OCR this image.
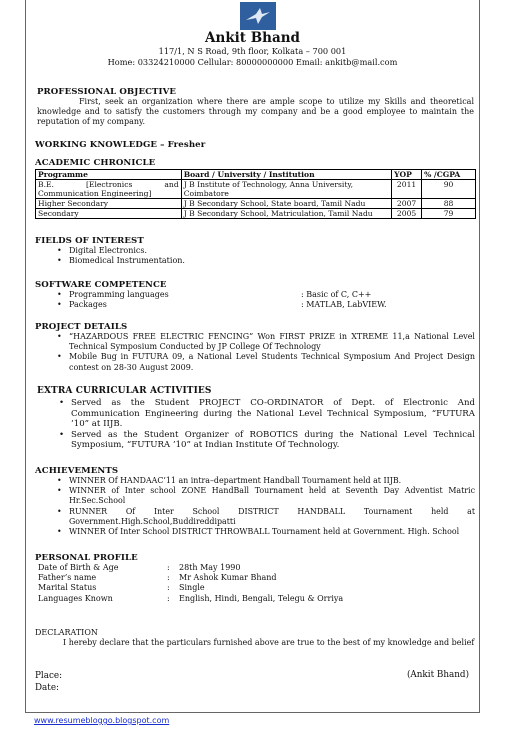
Ankit Bhand
117/1, N S Road, 9th floor, Kolkata – 700 001
Home: 03324210000 Cellular: 80000000000 Email: ankitb@mail.com
PROFESSIONAL OBJECTIVE
First, seek an organization where there are ample scope to utilize my Skills and theoretical knowledge and to satisfy the customers through my company and be a good employee to maintain the reputation of my company.
WORKING KNOWLEDGE – Fresher
ACADEMIC CHRONICLE
Programme	Board / University / Institution	YOP	% /CGPA
B.E. [Electronics and Communication Engineering]	J B Institute of Technology, Anna University, Coimbatore	2011	90
Higher Secondary	J B Secondary School, State board, Tamil Nadu	2007	88
Secondary	J B Secondary School, Matriculation, Tamil Nadu	2005	79
FIELDS OF INTEREST
• Digital Electronics.
• Biomedical Instrumentation.
SOFTWARE COMPETENCE
• Programming languages	: Basic of C, C++
• Packages	: MATLAB, LabVIEW.
PROJECT DETAILS
• “HAZARDOUS FREE ELECTRIC FENCING” Won FIRST PRIZE in XTREME 11,a National Level Technical Symposium Conducted by JP College Of Technology
• Mobile Bug in FUTURA 09, a National Level Students Technical Symposium And Project Design contest on 28-30 August 2009.
EXTRA CURRICULAR ACTIVITIES
• Served as the Student PROJECT CO-ORDINATOR of Dept. of Electronic And Communication Engineering during the National Level Technical Symposium, “FUTURA ’10” at IIJB.
• Served as the Student Organizer of ROBOTICS during the National Level Technical Symposium, “FUTURA ’10” at Indian Institute Of Technology.
ACHIEVEMENTS
• WINNER Of HANDAAC’11 an intra–department Handball Tournament held at IIJB.
• WINNER of Inter school ZONE HandBall Tournament held at Seventh Day Adventist Matric Hr.Sec.School
• RUNNER Of Inter School DISTRICT HANDBALL Tournament held at Government.High.School,Buddireddipatti
• WINNER Of Inter School DISTRICT THROWBALL Tournament held at Government. High. School
PERSONAL PROFILE
Date of Birth & Age	:	28th May 1990
Father’s name	:	Mr Ashok Kumar Bhand
Marital Status	:	Single
Languages Known	:	English, Hindi, Bengali, Telegu & Orriya
DECLARATION
I hereby declare that the particulars furnished above are true to the best of my knowledge and belief
Place:
Date:
(Ankit Bhand)
www.resumebloggo.blogspot.com
